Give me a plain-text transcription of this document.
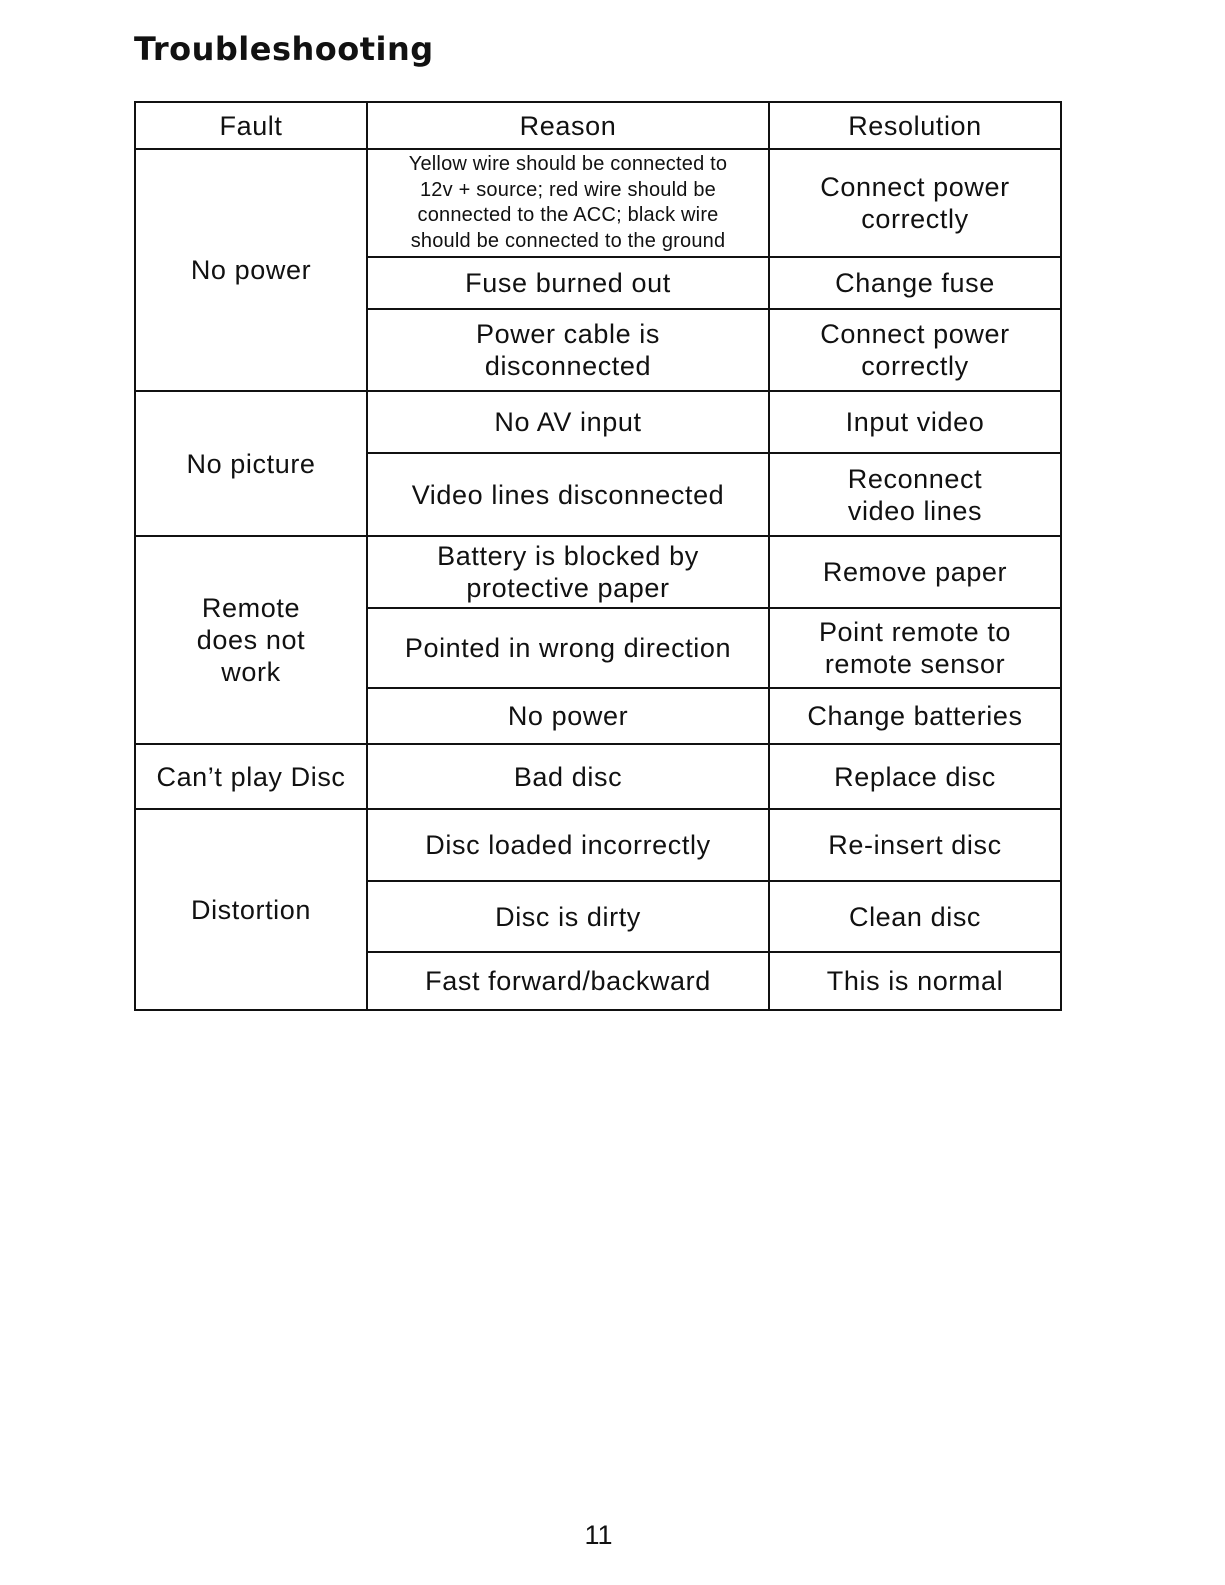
Troubleshooting
Fault	Reason	Resolution
No power	Yellow wire should be connected to
12v + source; red wire should be
connected to the ACC; black wire
should be connected to the ground	Connect power
correctly
	Fuse burned out	Change fuse
	Power cable is
disconnected	Connect power
correctly
No picture	No AV input	Input video
	Video lines disconnected	Reconnect
video lines
Remote
does not
work	Battery is blocked by
protective paper	Remove paper
	Pointed in wrong direction	Point remote to
remote sensor
	No power	Change batteries
Can’t play Disc	Bad disc	Replace disc
Distortion	Disc loaded incorrectly	Re-insert disc
	Disc is dirty	Clean disc
	Fast forward/backward	This is normal
11
